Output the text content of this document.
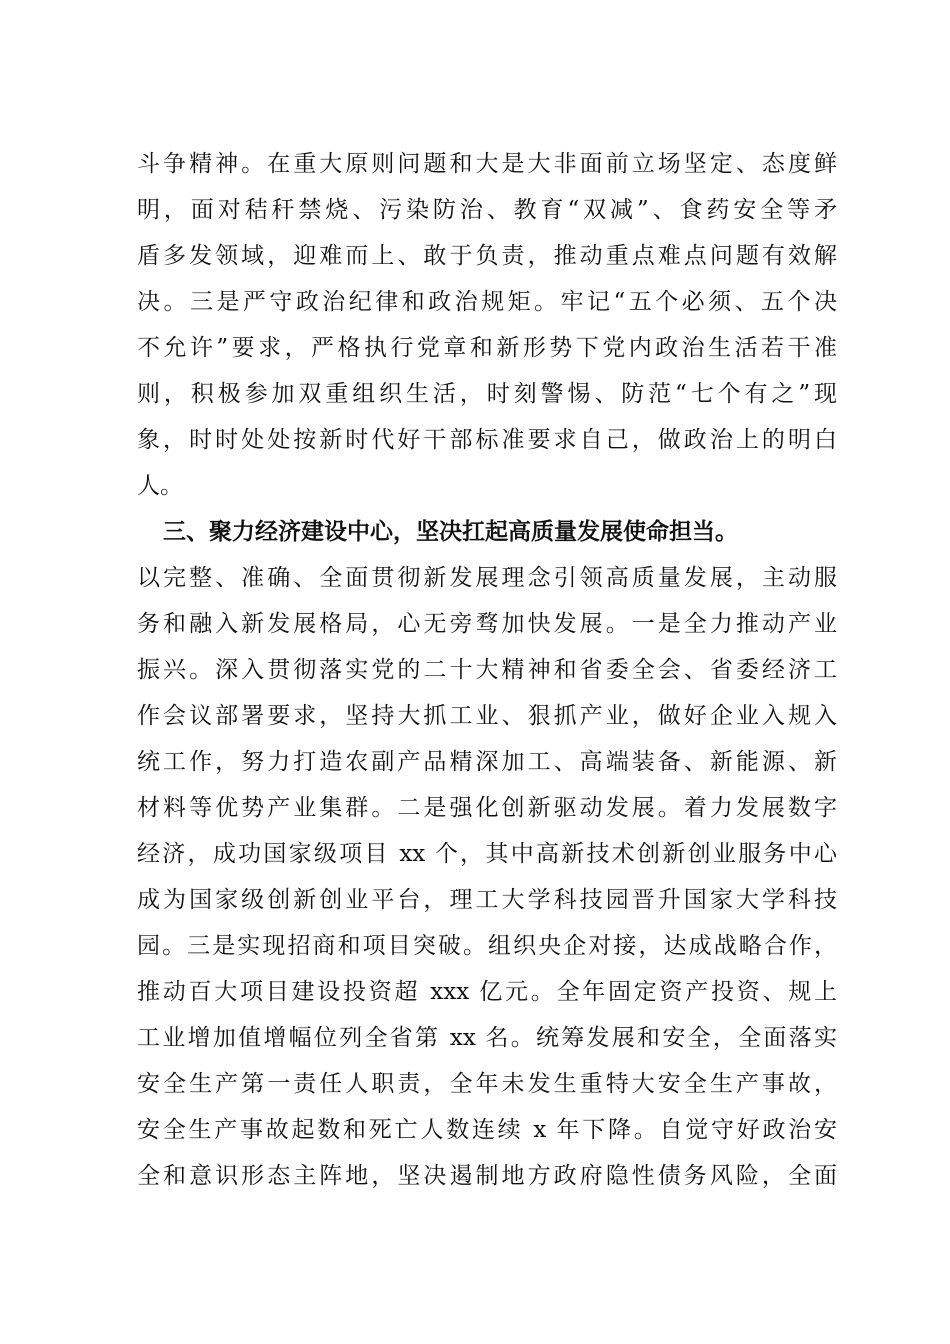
斗争精神。在重大原则问题和大是大非面前立场坚定、态度鲜
明，面对秸秆禁烧、污染防治、教育“双减”、食药安全等矛
盾多发领域，迎难而上、敢于负责，推动重点难点问题有效解
决。三是严守政治纪律和政治规矩。牢记“五个必须、五个决
不允许”要求，严格执行党章和新形势下党内政治生活若干准
则，积极参加双重组织生活，时刻警惕、防范“七个有之”现
象，时时处处按新时代好干部标准要求自己，做政治上的明白
人。
三、聚力经济建设中心，坚决扛起高质量发展使命担当。
以完整、准确、全面贯彻新发展理念引领高质量发展，主动服
务和融入新发展格局，心无旁骛加快发展。一是全力推动产业
振兴。深入贯彻落实党的二十大精神和省委全会、省委经济工
作会议部署要求，坚持大抓工业、狠抓产业，做好企业入规入
统工作，努力打造农副产品精深加工、高端装备、新能源、新
材料等优势产业集群。二是强化创新驱动发展。着力发展数字
经济，成功国家级项目 xx 个，其中高新技术创新创业服务中心
成为国家级创新创业平台，理工大学科技园晋升国家大学科技
园。三是实现招商和项目突破。组织央企对接，达成战略合作，
推动百大项目建设投资超 xxx 亿元。全年固定资产投资、规上
工业增加值增幅位列全省第 xx 名。统筹发展和安全，全面落实
安全生产第一责任人职责，全年未发生重特大安全生产事故，
安全生产事故起数和死亡人数连续 x 年下降。自觉守好政治安
全和意识形态主阵地，坚决遏制地方政府隐性债务风险，全面
